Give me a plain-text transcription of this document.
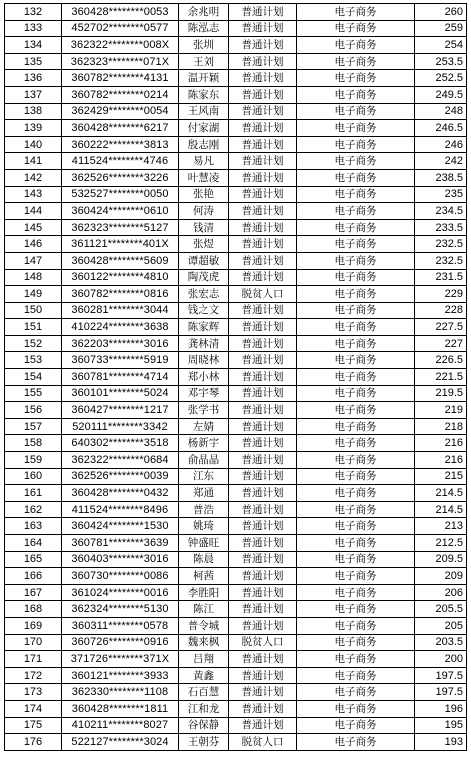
132	360428********0053	余兆明	普通计划	电子商务	260
133	452702********0577	陈泓志	普通计划	电子商务	259
134	362322********008X	张圳	普通计划	电子商务	254
135	362323********071X	王刘	普通计划	电子商务	253.5
136	360782********4131	温开颖	普通计划	电子商务	252.5
137	360782********0214	陈家东	普通计划	电子商务	249.5
138	362429********0054	王风南	普通计划	电子商务	248
139	360428********6217	付家湖	普通计划	电子商务	246.5
140	360222********3813	殷志刚	普通计划	电子商务	246
141	411524********4746	易凡	普通计划	电子商务	242
142	362526********3226	叶慧凌	普通计划	电子商务	238.5
143	532527********0050	张艳	普通计划	电子商务	235
144	360424********0610	何涛	普通计划	电子商务	234.5
145	362323********5127	钱清	普通计划	电子商务	233.5
146	361121********401X	张煜	普通计划	电子商务	232.5
147	360428********5609	谭超敏	普通计划	电子商务	232.5
148	360122********4810	陶茂虎	普通计划	电子商务	231.5
149	360782********0816	张宏志	脱贫人口	电子商务	229
150	360281********3044	钱之文	普通计划	电子商务	228
151	410224********3638	陈家辉	普通计划	电子商务	227.5
152	362203********3016	龚林清	普通计划	电子商务	227
153	360733********5919	周晓林	普通计划	电子商务	226.5
154	360781********4714	郑小林	普通计划	电子商务	221.5
155	360101********5024	邓宇琴	普通计划	电子商务	219.5
156	360427********1217	张学书	普通计划	电子商务	219
157	520111********3342	左婧	普通计划	电子商务	218
158	640302********3518	杨新宇	普通计划	电子商务	216
159	362322********0684	俞晶晶	普通计划	电子商务	216
160	362526********0039	江东	普通计划	电子商务	215
161	360428********0432	郑通	普通计划	电子商务	214.5
162	411524********8496	普浩	普通计划	电子商务	214.5
163	360424********1530	姚琦	普通计划	电子商务	213
164	360781********3639	钟盛旺	普通计划	电子商务	212.5
165	360403********3016	陈晨	普通计划	电子商务	209.5
166	360730********0086	柯茜	普通计划	电子商务	209
167	361024********0016	李胜阳	普通计划	电子商务	206
168	362324********5130	陈江	普通计划	电子商务	205.5
169	360311********0578	普令城	普通计划	电子商务	205
170	360726********0916	魏来枫	脱贫人口	电子商务	203.5
171	371726********371X	吕翔	普通计划	电子商务	200
172	360121********3933	黄鑫	普通计划	电子商务	197.5
173	362330********1108	石百慧	普通计划	电子商务	197.5
174	360428********1811	江和龙	普通计划	电子商务	196
175	410211********8027	谷保静	普通计划	电子商务	195
176	522127********3024	王朝芬	脱贫人口	电子商务	193
